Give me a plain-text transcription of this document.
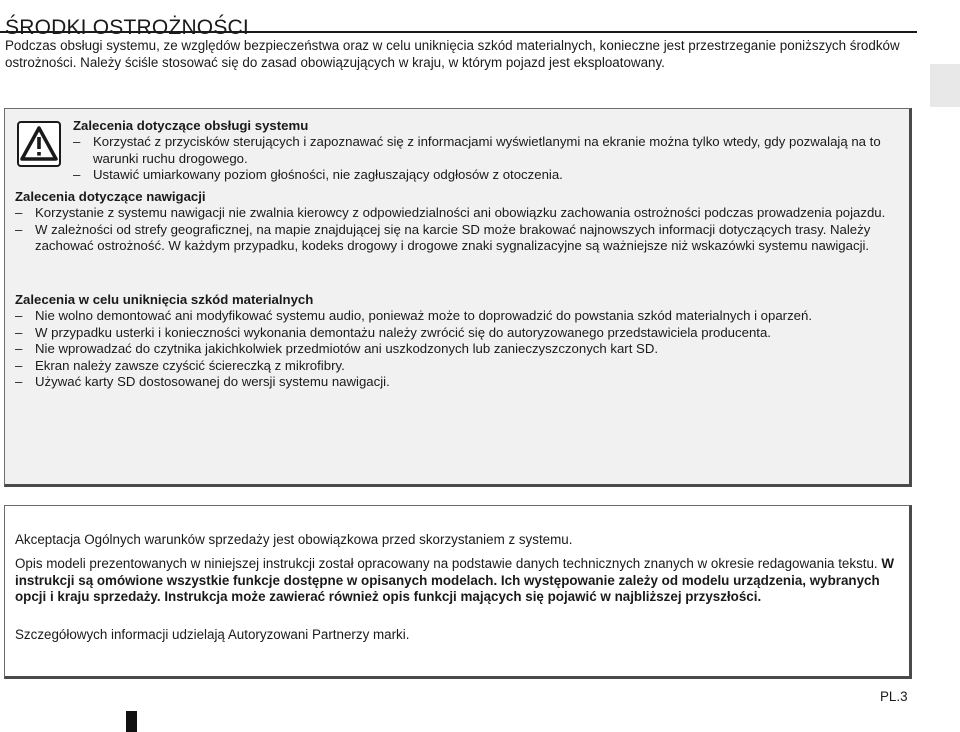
ŚRODKI OSTROŻNOŚCI

Podczas obsługi systemu, ze względów bezpieczeństwa oraz w celu uniknięcia szkód materialnych, konieczne jest przestrzeganie poniższych środków ostrożności. Należy ściśle stosować się do zasad obowiązujących w kraju, w którym pojazd jest eksploatowany.

Zalecenia dotyczące obsługi systemu
– Korzystać z przycisków sterujących i zapoznawać się z informacjami wyświetlanymi na ekranie można tylko wtedy, gdy pozwalają na to warunki ruchu drogowego.
– Ustawić umiarkowany poziom głośności, nie zagłuszający odgłosów z otoczenia.
Zalecenia dotyczące nawigacji
– Korzystanie z systemu nawigacji nie zwalnia kierowcy z odpowiedzialności ani obowiązku zachowania ostrożności podczas prowadzenia pojazdu.
– W zależności od strefy geograficznej, na mapie znajdującej się na karcie SD może brakować najnowszych informacji dotyczących trasy. Należy zachować ostrożność. W każdym przypadku, kodeks drogowy i drogowe znaki sygnalizacyjne są ważniejsze niż wskazówki systemu nawigacji.
Zalecenia w celu uniknięcia szkód materialnych
– Nie wolno demontować ani modyfikować systemu audio, ponieważ może to doprowadzić do powstania szkód materialnych i oparzeń.
– W przypadku usterki i konieczności wykonania demontażu należy zwrócić się do autoryzowanego przedstawiciela producenta.
– Nie wprowadzać do czytnika jakichkolwiek przedmiotów ani uszkodzonych lub zanieczyszczonych kart SD.
– Ekran należy zawsze czyścić ściereczką z mikrofibry.
– Używać karty SD dostosowanej do wersji systemu nawigacji.

Akceptacja Ogólnych warunków sprzedaży jest obowiązkowa przed skorzystaniem z systemu.

Opis modeli prezentowanych w niniejszej instrukcji został opracowany na podstawie danych technicznych znanych w okresie redagowania tekstu. W instrukcji są omówione wszystkie funkcje dostępne w opisanych modelach. Ich występowanie zależy od modelu urządzenia, wybranych opcji i kraju sprzedaży. Instrukcja może zawierać również opis funkcji mających się pojawić w najbliższej przyszłości.

Szczegółowych informacji udzielają Autoryzowani Partnerzy marki.

PL.3
